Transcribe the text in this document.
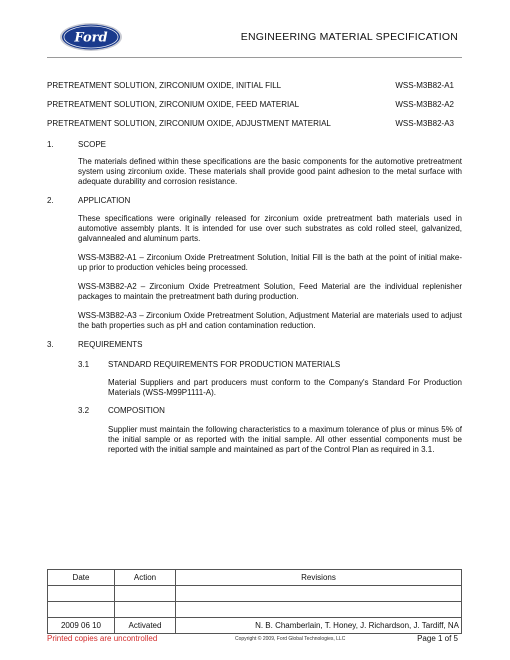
Ford	ENGINEERING MATERIAL SPECIFICATION
PRETREATMENT SOLUTION, ZIRCONIUM OXIDE, INITIAL FILL	WSS-M3B82-A1
PRETREATMENT SOLUTION, ZIRCONIUM OXIDE, FEED MATERIAL	WSS-M3B82-A2
PRETREATMENT SOLUTION, ZIRCONIUM OXIDE, ADJUSTMENT MATERIAL	WSS-M3B82-A3
1.	SCOPE
The materials defined within these specifications are the basic components for the automotive pretreatment system using zirconium oxide. These materials shall provide good paint adhesion to the metal surface with adequate durability and corrosion resistance.
2.	APPLICATION
These specifications were originally released for zirconium oxide pretreatment bath materials used in automotive assembly plants. It is intended for use over such substrates as cold rolled steel, galvanized, galvannealed and aluminum parts.
WSS-M3B82-A1 – Zirconium Oxide Pretreatment Solution, Initial Fill is the bath at the point of initial make-up prior to production vehicles being processed.
WSS-M3B82-A2 – Zirconium Oxide Pretreatment Solution, Feed Material are the individual replenisher packages to maintain the pretreatment bath during production.
WSS-M3B82-A3 – Zirconium Oxide Pretreatment Solution, Adjustment Material are materials used to adjust the bath properties such as pH and cation contamination reduction.
3.	REQUIREMENTS
3.1 STANDARD REQUIREMENTS FOR PRODUCTION MATERIALS
Material Suppliers and part producers must conform to the Company's Standard For Production Materials (WSS-M99P1111-A).
3.2 COMPOSITION
Supplier must maintain the following characteristics to a maximum tolerance of plus or minus 5% of the initial sample or as reported with the initial sample. All other essential components must be reported with the initial sample and maintained as part of the Control Plan as required in 3.1.
Date	Action	Revisions

2009 06 10	Activated	N. B. Chamberlain, T. Honey, J. Richardson, J. Tardiff, NA
Printed copies are uncontrolled	Copyright © 2009, Ford Global Technologies, LLC	Page 1 of 5
